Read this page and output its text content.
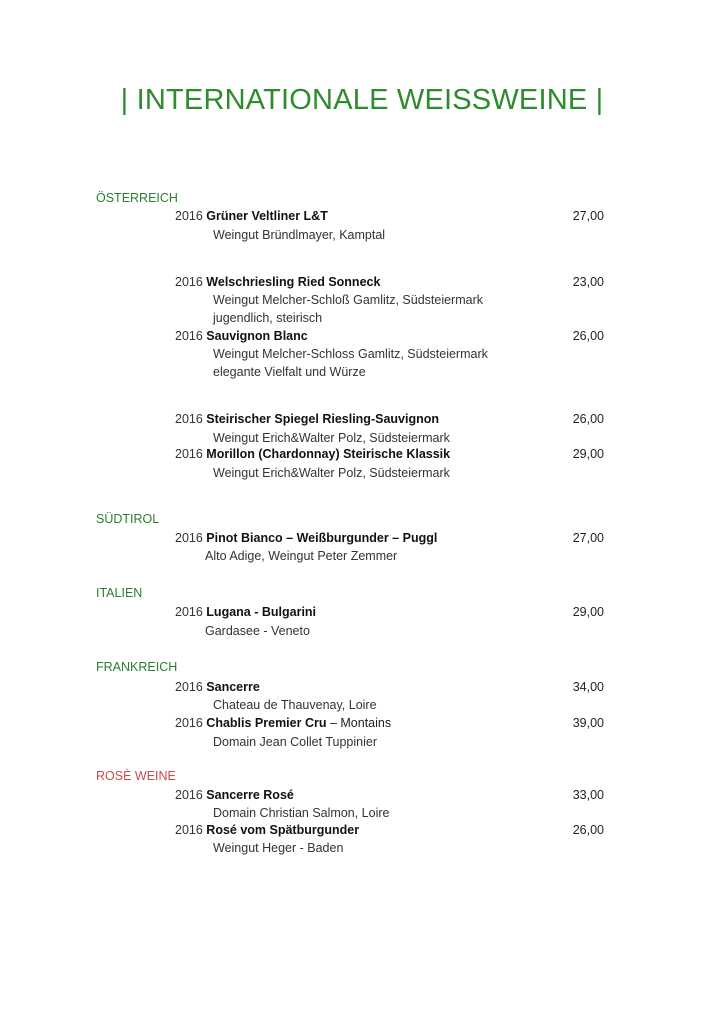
| INTERNATIONALE WEISSWEINE |
ÖSTERREICH
2016 Grüner Veltliner L&T	27,00
Weingut Bründlmayer, Kamptal
2016 Welschriesling Ried Sonneck	23,00
Weingut Melcher-Schloß Gamlitz, Südsteiermark
jugendlich, steirisch
2016 Sauvignon Blanc	26,00
Weingut Melcher-Schloss Gamlitz, Südsteiermark
elegante Vielfalt und Würze
2016 Steirischer Spiegel Riesling-Sauvignon	26,00
Weingut Erich&Walter Polz, Südsteiermark
2016 Morillon (Chardonnay) Steirische Klassik	29,00
Weingut Erich&Walter Polz, Südsteiermark
SÜDTIROL
2016 Pinot Bianco – Weißburgunder – Puggl	27,00
Alto Adige, Weingut Peter Zemmer
ITALIEN
2016 Lugana - Bulgarini	29,00
Gardasee - Veneto
FRANKREICH
2016 Sancerre	34,00
Chateau de Thauvenay, Loire
2016 Chablis Premier Cru – Montains	39,00
Domain Jean Collet Tuppinier
ROSÈ WEINE
2016 Sancerre Rosé	33,00
Domain Christian Salmon, Loire
2016 Rosé vom Spätburgunder	26,00
Weingut Heger - Baden
